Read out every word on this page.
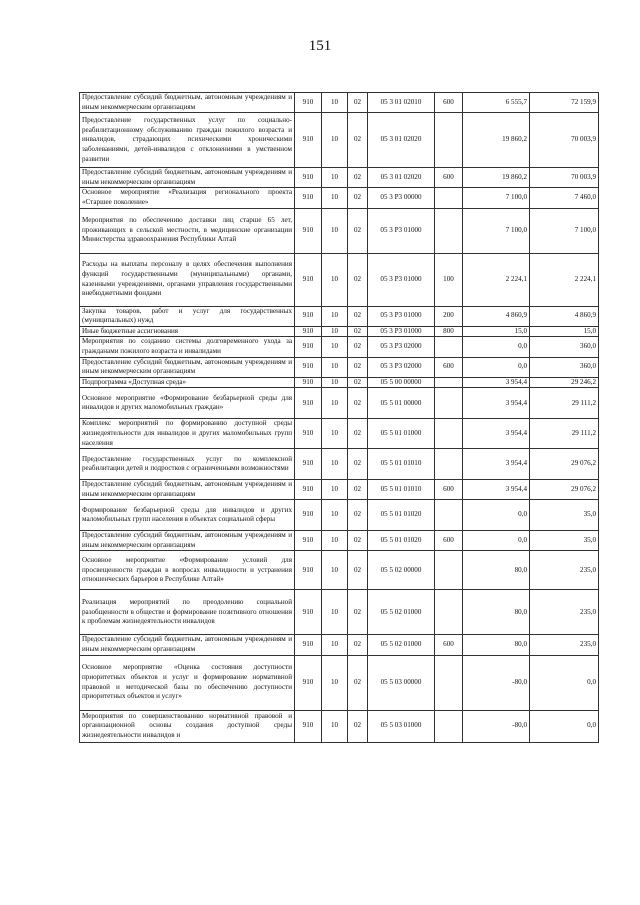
151
Предоставление субсидий бюджетным, автономным учреждениям и иным некоммерческим организациям	910	10	02	05 3 01 02010	600	6 555,7	72 159,9
Предоставление государственных услуг по социально-реабилитационному обслуживанию граждан пожилого возраста и инвалидов, страдающих психическими хроническими заболеваниями, детей-инвалидов с отклонениями в умственном развитии	910	10	02	05 3 01 02020		19 860,2	70 003,9
Предоставление субсидий бюджетным, автономным учреждениям и иным некоммерческим организациям	910	10	02	05 3 01 02020	600	19 860,2	70 003,9
Основное мероприятие «Реализация регионального проекта «Старшее поколение»	910	10	02	05 3 P3 00000		7 100,0	7 460,0
Мероприятия по обеспечению доставки лиц старше 65 лет, проживающих в сельской местности, в медицинские организации Министерства здравоохранения Республики Алтай	910	10	02	05 3 P3 01000		7 100,0	7 100,0
Расходы на выплаты персоналу в целях обеспечения выполнения функций государственными (муниципальными) органами, казенными учреждениями, органами управления государственными внебюджетными фондами	910	10	02	05 3 P3 01000	100	2 224,1	2 224,1
Закупка товаров, работ и услуг для государственных (муниципальных) нужд	910	10	02	05 3 P3 01000	200	4 860,9	4 860,9
Иные бюджетные ассигнования	910	10	02	05 3 P3 01000	800	15,0	15,0
Мероприятия по созданию системы долговременного ухода за гражданами пожилого возраста и инвалидами	910	10	02	05 3 P3 02000		0,0	360,0
Предоставление субсидий бюджетным, автономным учреждениям и иным некоммерческим организациям	910	10	02	05 3 P3 02000	600	0,0	360,0
Подпрограмма «Доступная среда»	910	10	02	05 5 00 00000		3 954,4	29 246,2
Основное мероприятие «Формирование безбарьерной среды для инвалидов и других маломобильных граждан»	910	10	02	05 5 01 00000		3 954,4	29 111,2
Комплекс мероприятий по формированию доступной среды жизнедеятельности для инвалидов и других маломобильных групп населения	910	10	02	05 5 01 01000		3 954,4	29 111,2
Предоставление государственных услуг по комплексной реабилитации детей и подростков с ограниченными возможностями	910	10	02	05 5 01 01010		3 954,4	29 076,2
Предоставление субсидий бюджетным, автономным учреждениям и иным некоммерческим организациям	910	10	02	05 5 01 01010	600	3 954,4	29 076,2
Формирование безбарьерной среды для инвалидов и других маломобильных групп населения в объектах социальной сферы	910	10	02	05 5 01 01020		0,0	35,0
Предоставление субсидий бюджетным, автономным учреждениям и иным некоммерческим организациям	910	10	02	05 5 01 01020	600	0,0	35,0
Основное мероприятие «Формирование условий для просвещенности граждан в вопросах инвалидности и устранения отношенческих барьеров в Республике Алтай»	910	10	02	05 5 02 00000		80,0	235,0
Реализация мероприятий по преодолению социальной разобщенности в обществе и формирование позитивного отношения к проблемам жизнедеятельности инвалидов	910	10	02	05 5 02 01000		80,0	235,0
Предоставление субсидий бюджетным, автономным учреждениям и иным некоммерческим организациям	910	10	02	05 5 02 01000	600	80,0	235,0
Основное мероприятие «Оценка состояния доступности приоритетных объектов и услуг и формирование нормативной правовой и методической базы по обеспечению доступности приоритетных объектов и услуг»	910	10	02	05 5 03 00000		-80,0	0,0
Мероприятия по совершенствованию нормативной правовой и организационной основы создания доступной среды жизнедеятельности инвалидов и	910	10	02	05 5 03 01000		-80,0	0,0
